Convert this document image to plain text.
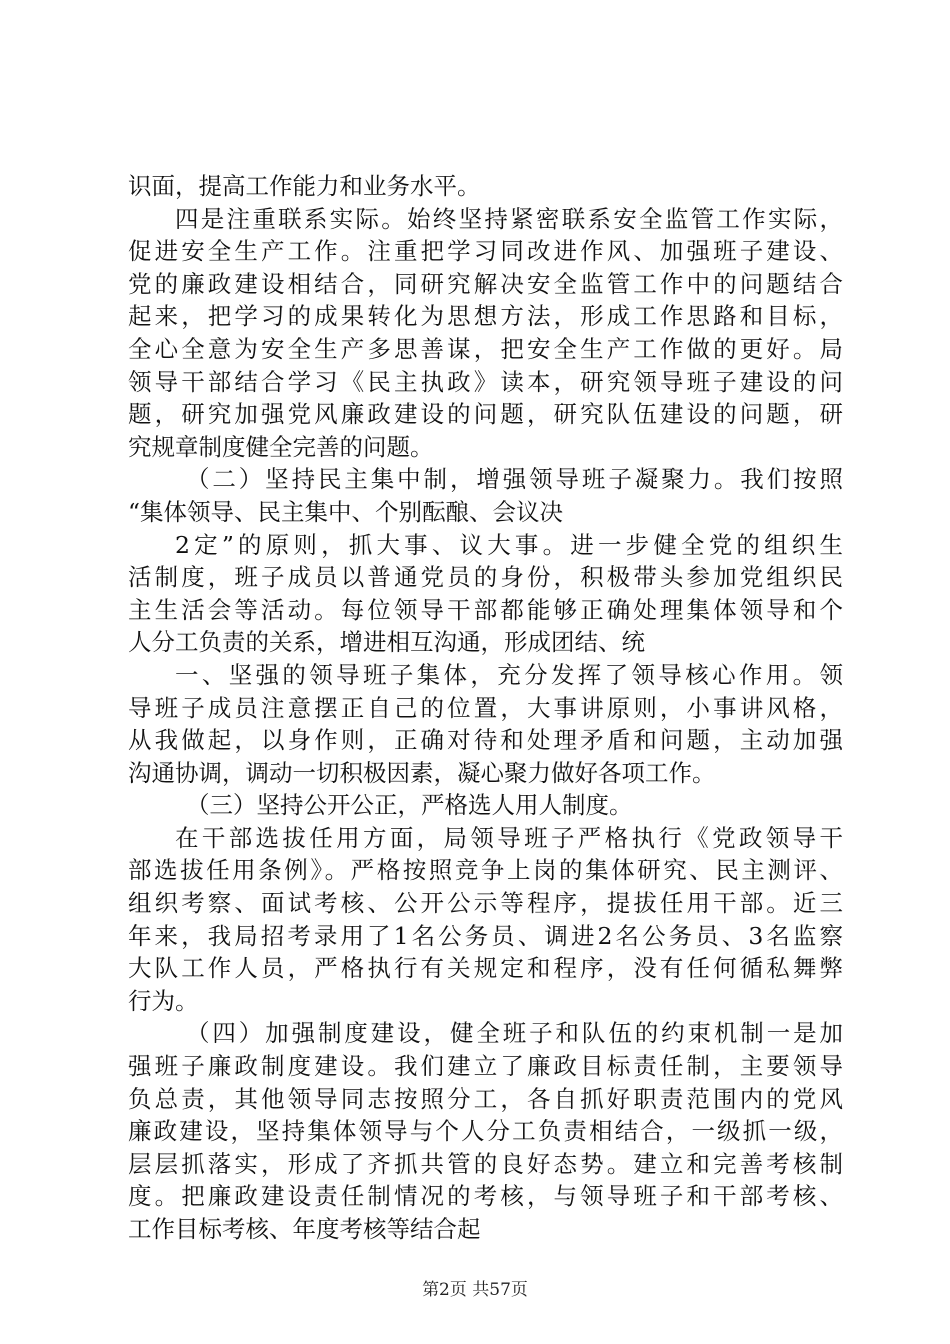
识面，提高工作能力和业务水平。
四是注重联系实际。始终坚持紧密联系安全监管工作实际，
促进安全生产工作。注重把学习同改进作风、加强班子建设、
党的廉政建设相结合，同研究解决安全监管工作中的问题结合
起来，把学习的成果转化为思想方法，形成工作思路和目标，
全心全意为安全生产多思善谋，把安全生产工作做的更好。局
领导干部结合学习《民主执政》读本，研究领导班子建设的问
题，研究加强党风廉政建设的问题，研究队伍建设的问题，研
究规章制度健全完善的问题。
（二）坚持民主集中制，增强领导班子凝聚力。我们按照
“集体领导、民主集中、个别酝酿、会议决
2定”的原则，抓大事、议大事。进一步健全党的组织生
活制度，班子成员以普通党员的身份，积极带头参加党组织民
主生活会等活动。每位领导干部都能够正确处理集体领导和个
人分工负责的关系，增进相互沟通，形成团结、统
一、坚强的领导班子集体，充分发挥了领导核心作用。领
导班子成员注意摆正自己的位置，大事讲原则，小事讲风格，
从我做起，以身作则，正确对待和处理矛盾和问题，主动加强
沟通协调，调动一切积极因素，凝心聚力做好各项工作。
（三）坚持公开公正，严格选人用人制度。
在干部选拔任用方面，局领导班子严格执行《党政领导干
部选拔任用条例》。严格按照竞争上岗的集体研究、民主测评、
组织考察、面试考核、公开公示等程序，提拔任用干部。近三
年来，我局招考录用了1名公务员、调进2名公务员、3名监察
大队工作人员，严格执行有关规定和程序，没有任何循私舞弊
行为。
（四）加强制度建设，健全班子和队伍的约束机制一是加
强班子廉政制度建设。我们建立了廉政目标责任制，主要领导
负总责，其他领导同志按照分工，各自抓好职责范围内的党风
廉政建设，坚持集体领导与个人分工负责相结合，一级抓一级，
层层抓落实，形成了齐抓共管的良好态势。建立和完善考核制
度。把廉政建设责任制情况的考核，与领导班子和干部考核、
工作目标考核、年度考核等结合起
第2页 共57页
